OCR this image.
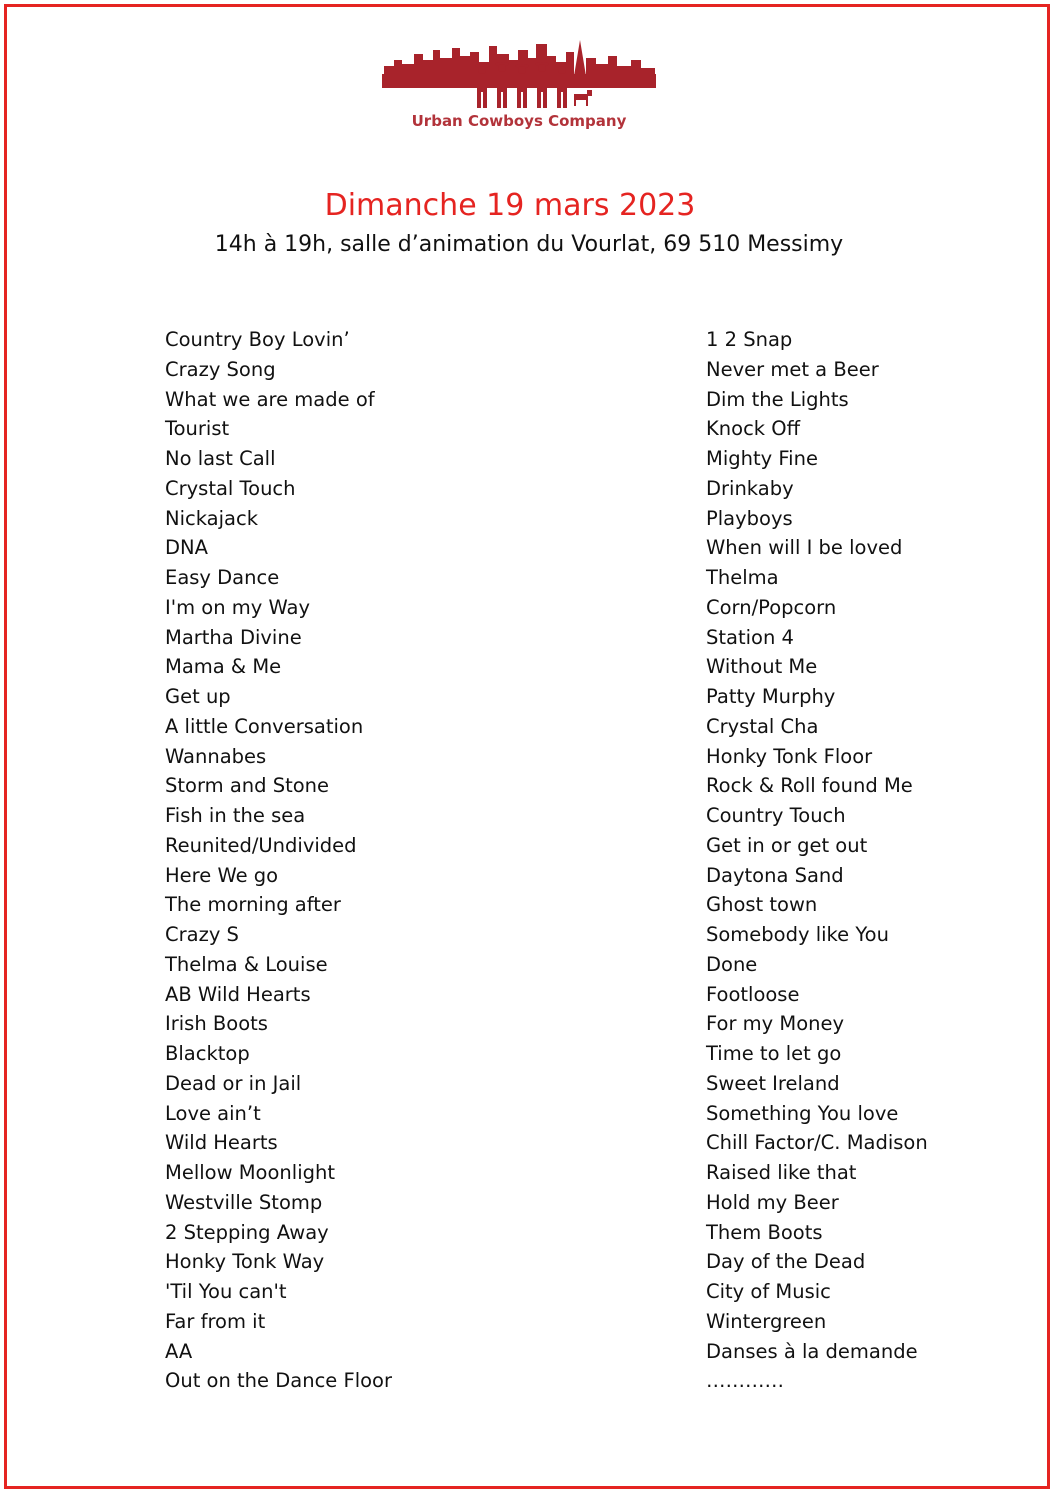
Urban Cowboys Company
Dimanche 19 mars 2023
14h à 19h, salle d’animation du Vourlat, 69 510 Messimy
Country Boy Lovin’
Crazy Song
What we are made of
Tourist
No last Call
Crystal Touch
Nickajack
DNA
Easy Dance
I'm on my Way
Martha Divine
Mama & Me
Get up
A little Conversation
Wannabes
Storm and Stone
Fish in the sea
Reunited/Undivided
Here We go
The morning after
Crazy S
Thelma & Louise
AB Wild Hearts
Irish Boots
Blacktop
Dead or in Jail
Love ain’t
Wild Hearts
Mellow Moonlight
Westville Stomp
2 Stepping Away
Honky Tonk Way
'Til You can't
Far from it
AA
Out on the Dance Floor
1 2 Snap
Never met a Beer
Dim the Lights
Knock Off
Mighty Fine
Drinkaby
Playboys
When will I be loved
Thelma
Corn/Popcorn
Station 4
Without Me
Patty Murphy
Crystal Cha
Honky Tonk Floor
Rock & Roll found Me
Country Touch
Get in or get out
Daytona Sand
Ghost town
Somebody like You
Done
Footloose
For my Money
Time to let go
Sweet Ireland
Something You love
Chill Factor/C. Madison
Raised like that
Hold my Beer
Them Boots
Day of the Dead
City of Music
Wintergreen
Danses à la demande
…………
